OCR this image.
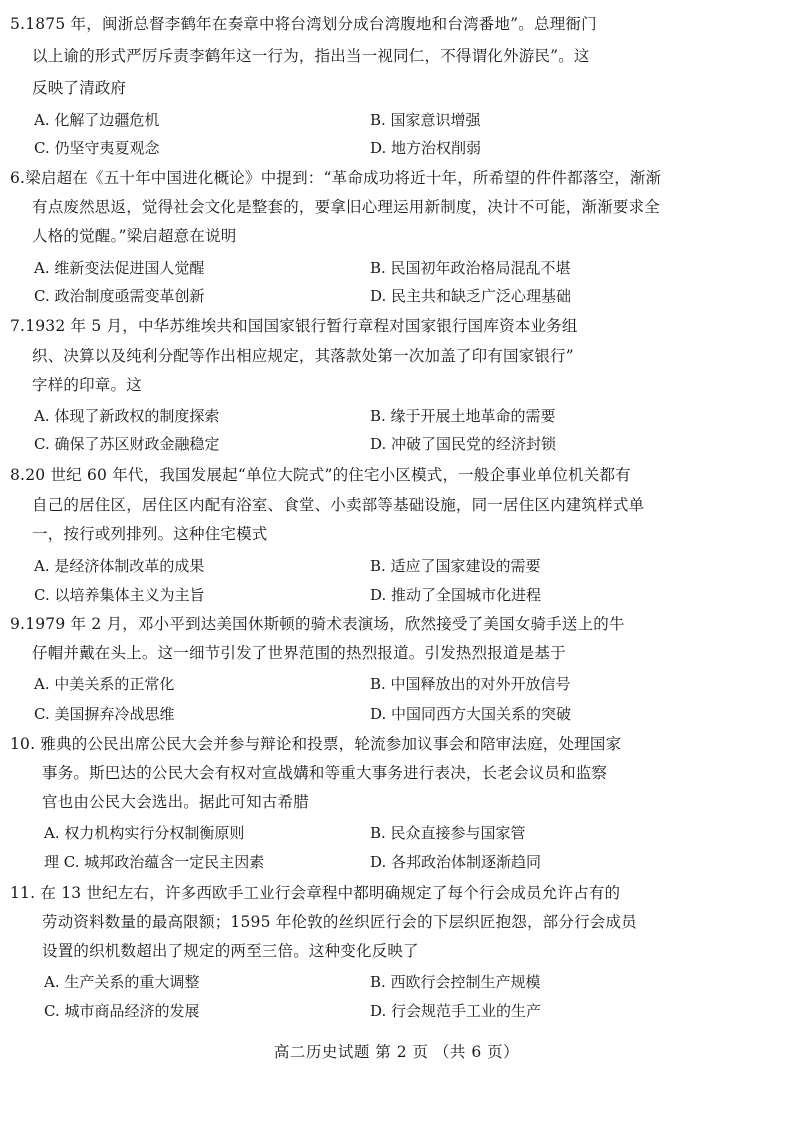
5.1875 年，闽浙总督李鹤年在奏章中将台湾划分成台湾腹地和台湾番地”。总理衙门
以上谕的形式严厉斥责李鹤年这一行为，指出当一视同仁，不得谓化外游民”。这
反映了清政府
A. 化解了边疆危机	B. 国家意识增强
C. 仍坚守夷夏观念	D. 地方治权削弱
6.梁启超在《五十年中国进化概论》中提到：“革命成功将近十年，所希望的件件都落空，渐渐
有点废然思返，觉得社会文化是整套的，要拿旧心理运用新制度，决计不可能，渐渐要求全
人格的觉醒。”梁启超意在说明
A. 维新变法促进国人觉醒	B. 民国初年政治格局混乱不堪
C. 政治制度亟需变革创新	D. 民主共和缺乏广泛心理基础
7.1932 年 5 月，中华苏维埃共和国国家银行暂行章程对国家银行国库资本业务组
织、决算以及纯利分配等作出相应规定，其落款处第一次加盖了印有国家银行”
字样的印章。这
A. 体现了新政权的制度探索	B. 缘于开展土地革命的需要
C. 确保了苏区财政金融稳定	D. 冲破了国民党的经济封锁
8.20 世纪 60 年代，我国发展起“单位大院式”的住宅小区模式，一般企事业单位机关都有
自己的居住区，居住区内配有浴室、食堂、小卖部等基础设施，同一居住区内建筑样式单
一，按行或列排列。这种住宅模式
A. 是经济体制改革的成果	B. 适应了国家建设的需要
C. 以培养集体主义为主旨	D. 推动了全国城市化进程
9.1979 年 2 月，邓小平到达美国休斯顿的骑术表演场，欣然接受了美国女骑手送上的牛
仔帽并戴在头上。这一细节引发了世界范围的热烈报道。引发热烈报道是基于
A. 中美关系的正常化	B. 中国释放出的对外开放信号
C. 美国摒弃冷战思维	D. 中国同西方大国关系的突破
10. 雅典的公民出席公民大会并参与辩论和投票，轮流参加议事会和陪审法庭，处理国家
事务。斯巴达的公民大会有权对宣战媾和等重大事务进行表决，长老会议员和监察
官也由公民大会选出。据此可知古希腊
A. 权力机构实行分权制衡原则	B. 民众直接参与国家管
理 C. 城邦政治蕴含一定民主因素	D. 各邦政治体制逐渐趋同
11. 在 13 世纪左右，许多西欧手工业行会章程中都明确规定了每个行会成员允许占有的
劳动资料数量的最高限额；1595 年伦敦的丝织匠行会的下层织匠抱怨，部分行会成员
设置的织机数超出了规定的两至三倍。这种变化反映了
A. 生产关系的重大调整	B. 西欧行会控制生产规模
C. 城市商品经济的发展	D. 行会规范手工业的生产
高二历史试题 第 2 页 （共 6 页）
